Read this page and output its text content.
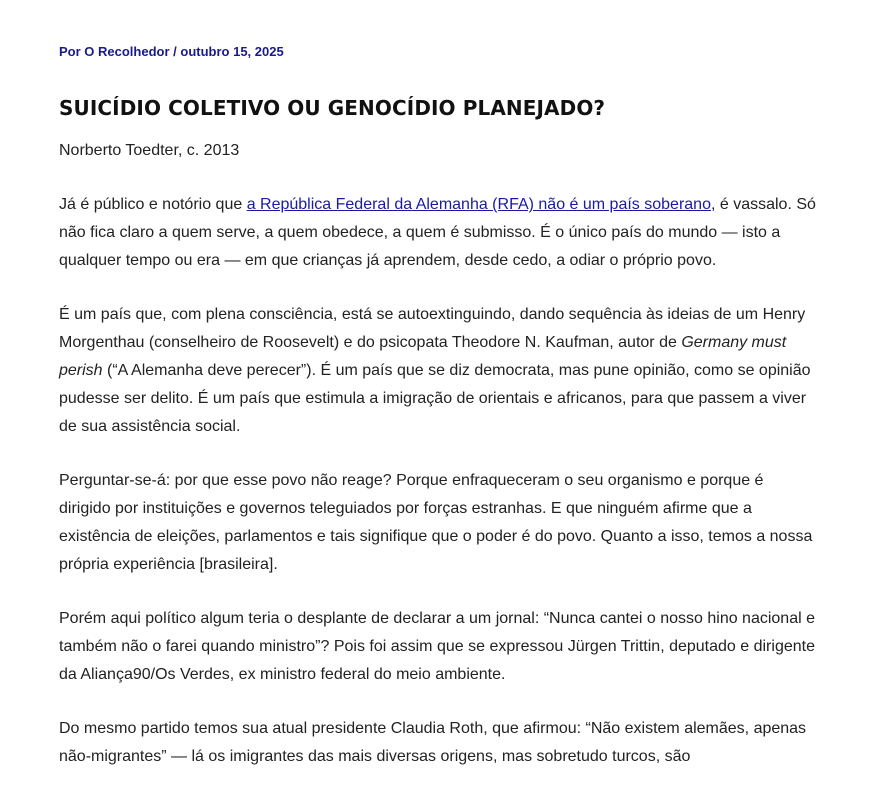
Por O Recolhedor / outubro 15, 2025
SUICÍDIO COLETIVO OU GENOCÍDIO PLANEJADO?

Norberto Toedter, c. 2013

Já é público e notório que a República Federal da Alemanha (RFA) não é um país soberano, é vassalo. Só não fica claro a quem serve, a quem obedece, a quem é submisso. É o único país do mundo — isto a qualquer tempo ou era — em que crianças já aprendem, desde cedo, a odiar o próprio povo.

É um país que, com plena consciência, está se autoextinguindo, dando sequência às ideias de um Henry Morgenthau (conselheiro de Roosevelt) e do psicopata Theodore N. Kaufman, autor de Germany must perish (“A Alemanha deve perecer”). É um país que se diz democrata, mas pune opinião, como se opinião pudesse ser delito. É um país que estimula a imigração de orientais e africanos, para que passem a viver de sua assistência social.

Perguntar-se-á: por que esse povo não reage? Porque enfraqueceram o seu organismo e porque é dirigido por instituições e governos teleguiados por forças estranhas. E que ninguém afirme que a existência de eleições, parlamentos e tais signifique que o poder é do povo. Quanto a isso, temos a nossa própria experiência [brasileira].

Porém aqui político algum teria o desplante de declarar a um jornal: “Nunca cantei o nosso hino nacional e também não o farei quando ministro”? Pois foi assim que se expressou Jürgen Trittin, deputado e dirigente da Aliança90/Os Verdes, ex ministro federal do meio ambiente.

Do mesmo partido temos sua atual presidente Claudia Roth, que afirmou: “Não existem alemães, apenas não-migrantes” — lá os imigrantes das mais diversas origens, mas sobretudo turcos, são
